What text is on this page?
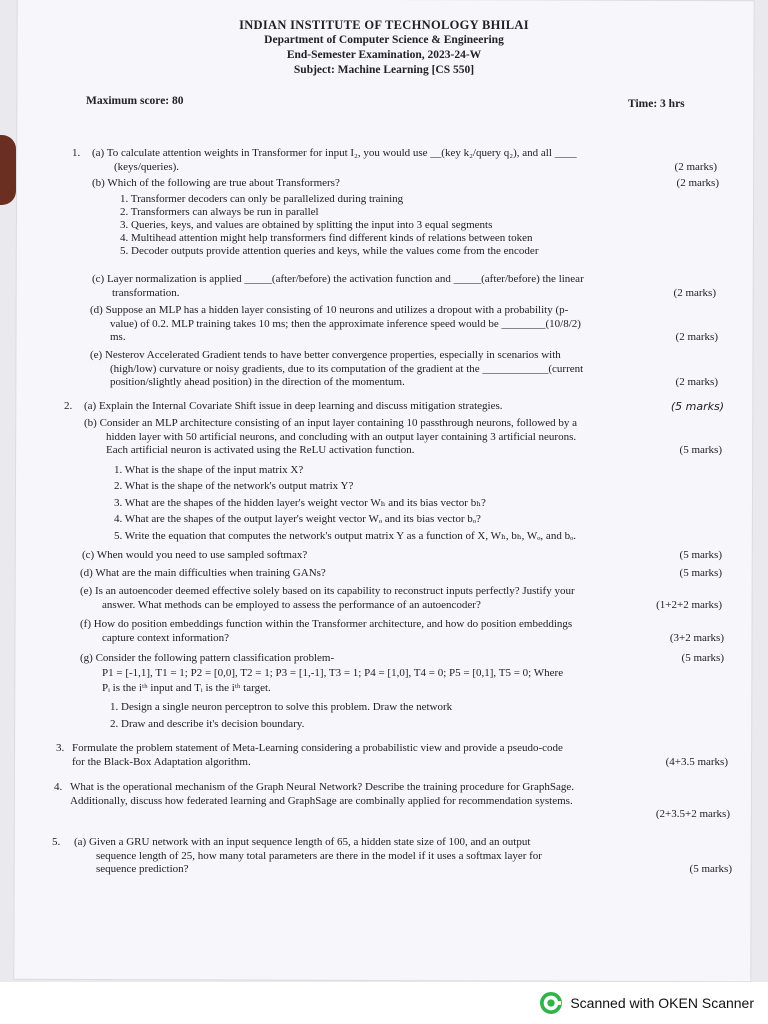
INDIAN INSTITUTE OF TECHNOLOGY BHILAI
Department of Computer Science & Engineering
End-Semester Examination, 2023-24-W
Subject: Machine Learning [CS 550]
Maximum score: 80	Time: 3 hrs
1.	(a) To calculate attention weights in Transformer for input I₂, you would use __(key k₂/query q₂), and all ____
(keys/queries).	(2 marks)
(b) Which of the following are true about Transformers?	(2 marks)
1. Transformer decoders can only be parallelized during training
2. Transformers can always be run in parallel
3. Queries, keys, and values are obtained by splitting the input into 3 equal segments
4. Multihead attention might help transformers find different kinds of relations between token
5. Decoder outputs provide attention queries and keys, while the values come from the encoder
(c) Layer normalization is applied _____(after/before) the activation function and _____(after/before) the linear
transformation.	(2 marks)
(d) Suppose an MLP has a hidden layer consisting of 10 neurons and utilizes a dropout with a probability (p-
value) of 0.2. MLP training takes 10 ms; then the approximate inference speed would be ________(10/8/2)
ms.	(2 marks)
(e) Nesterov Accelerated Gradient tends to have better convergence properties, especially in scenarios with
(high/low) curvature or noisy gradients, due to its computation of the gradient at the ____________(current
position/slightly ahead position) in the direction of the momentum.	(2 marks)
2. (a) Explain the Internal Covariate Shift issue in deep learning and discuss mitigation strategies.	(5 marks)
(b) Consider an MLP architecture consisting of an input layer containing 10 passthrough neurons, followed by a
hidden layer with 50 artificial neurons, and concluding with an output layer containing 3 artificial neurons.
Each artificial neuron is activated using the ReLU activation function.	(5 marks)
1. What is the shape of the input matrix X?
2. What is the shape of the network's output matrix Y?
3. What are the shapes of the hidden layer's weight vector Wₕ and its bias vector bₕ?
4. What are the shapes of the output layer's weight vector Wₒ and its bias vector bₒ?
5. Write the equation that computes the network's output matrix Y as a function of X, Wₕ, bₕ, Wₒ, and bₒ.
(c) When would you need to use sampled softmax?	(5 marks)
(d) What are the main difficulties when training GANs?	(5 marks)
(e) Is an autoencoder deemed effective solely based on its capability to reconstruct inputs perfectly? Justify your
answer. What methods can be employed to assess the performance of an autoencoder?	(1+2+2 marks)
(f) How do position embeddings function within the Transformer architecture, and how do position embeddings
capture context information?	(3+2 marks)
(g) Consider the following pattern classification problem-	(5 marks)
P1 = [-1,1], T1 = 1; P2 = [0,0], T2 = 1; P3 = [1,-1], T3 = 1; P4 = [1,0], T4 = 0; P5 = [0,1], T5 = 0; Where
Pᵢ is the iᵗʰ input and Tᵢ is the iᵗʰ target.
1. Design a single neuron perceptron to solve this problem. Draw the network
2. Draw and describe it's decision boundary.
3. Formulate the problem statement of Meta-Learning considering a probabilistic view and provide a pseudo-code
for the Black-Box Adaptation algorithm.	(4+3.5 marks)
4. What is the operational mechanism of the Graph Neural Network? Describe the training procedure for GraphSage.
Additionally, discuss how federated learning and GraphSage are combinally applied for recommendation systems.
(2+3.5+2 marks)
5.	(a) Given a GRU network with an input sequence length of 65, a hidden state size of 100, and an output
sequence length of 25, how many total parameters are there in the model if it uses a softmax layer for
sequence prediction?	(5 marks)
Scanned with OKEN Scanner
